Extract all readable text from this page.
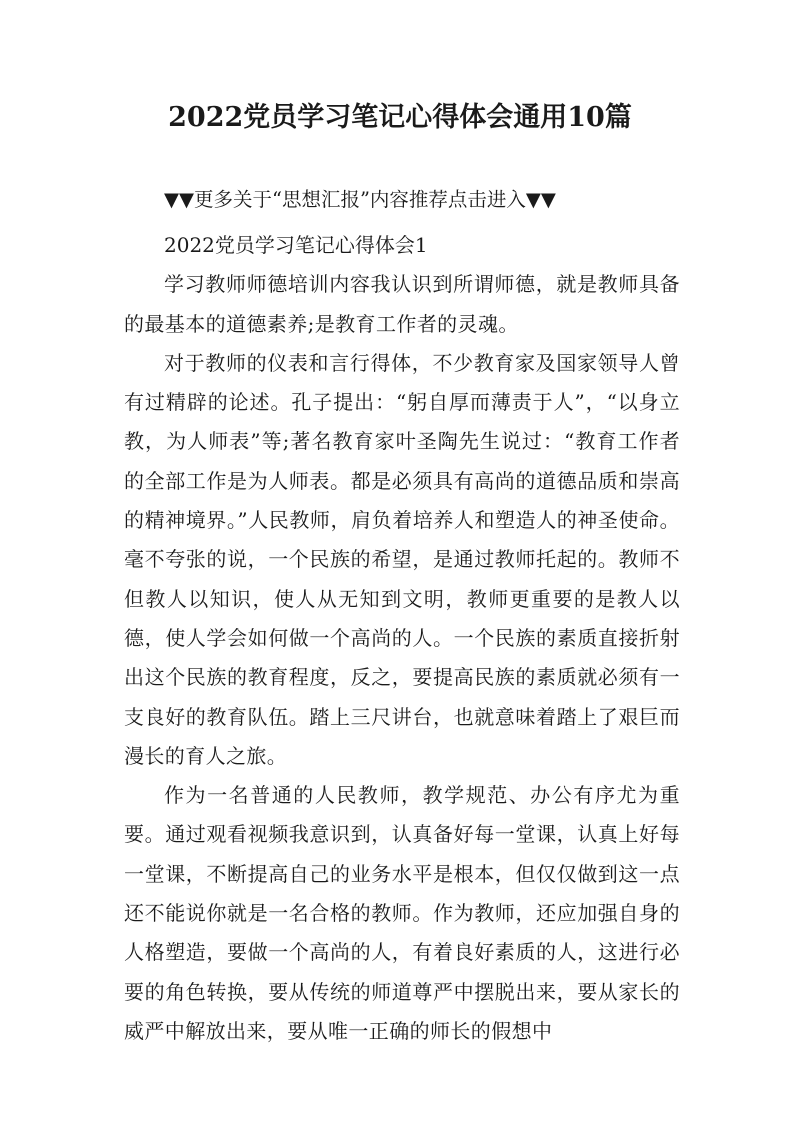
2022党员学习笔记心得体会通用10篇
▼▼更多关于“思想汇报”内容推荐点击进入▼▼

2022党员学习笔记心得体会1

学习教师师德培训内容我认识到所谓师德，就是教师具备的最基本的道德素养;是教育工作者的灵魂。

对于教师的仪表和言行得体，不少教育家及国家领导人曾有过精辟的论述。孔子提出：“躬自厚而薄责于人”，“以身立教，为人师表”等;著名教育家叶圣陶先生说过：“教育工作者的全部工作是为人师表。都是必须具有高尚的道德品质和崇高的精神境界。”人民教师，肩负着培养人和塑造人的神圣使命。毫不夸张的说，一个民族的希望，是通过教师托起的。教师不但教人以知识，使人从无知到文明，教师更重要的是教人以德，使人学会如何做一个高尚的人。一个民族的素质直接折射出这个民族的教育程度，反之，要提高民族的素质就必须有一支良好的教育队伍。踏上三尺讲台，也就意味着踏上了艰巨而漫长的育人之旅。

作为一名普通的人民教师，教学规范、办公有序尤为重要。通过观看视频我意识到，认真备好每一堂课，认真上好每一堂课，不断提高自己的业务水平是根本，但仅仅做到这一点还不能说你就是一名合格的教师。作为教师，还应加强自身的人格塑造，要做一个高尚的人，有着良好素质的人，这进行必要的角色转换，要从传统的师道尊严中摆脱出来，要从家长的威严中解放出来，要从唯一正确的师长的假想中
